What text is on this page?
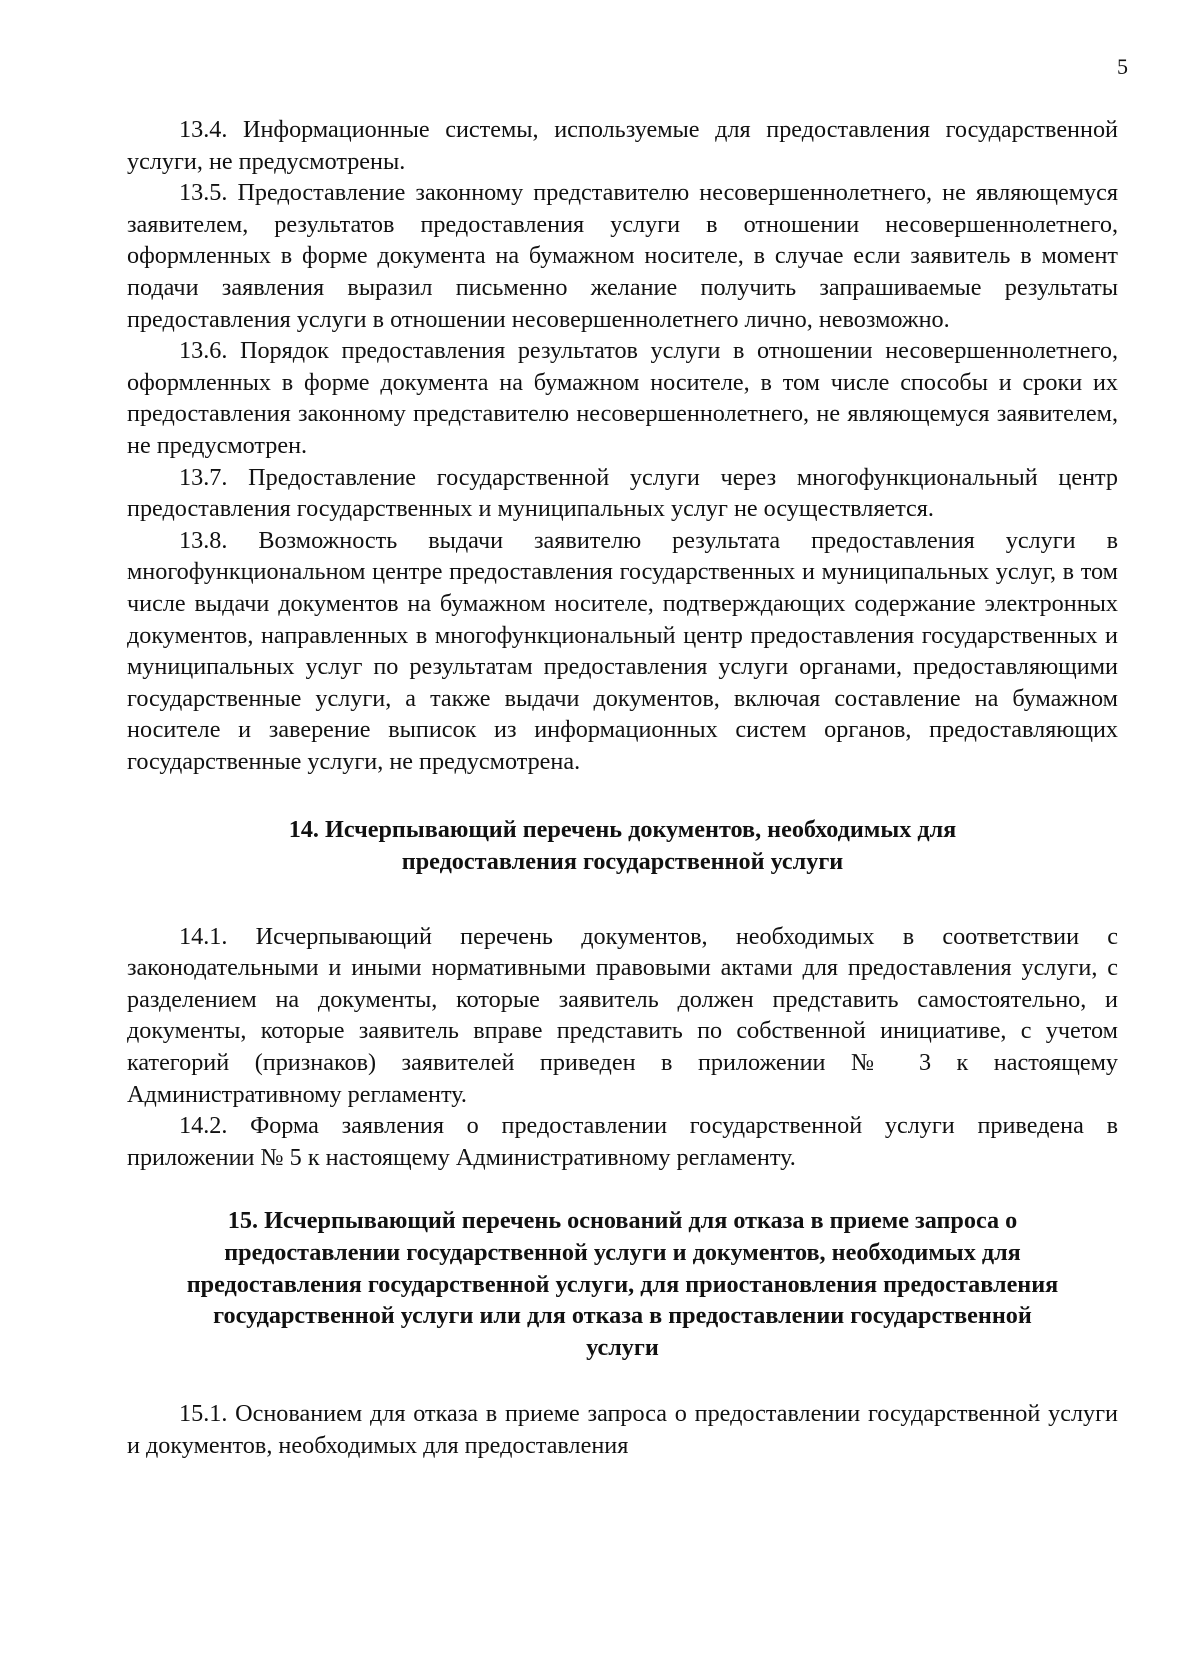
5

13.4. Информационные системы, используемые для предоставления государственной услуги, не предусмотрены.

13.5. Предоставление законному представителю несовершеннолетнего, не являющемуся заявителем, результатов предоставления услуги в отношении несовершеннолетнего, оформленных в форме документа на бумажном носителе, в случае если заявитель в момент подачи заявления выразил письменно желание получить запрашиваемые результаты предоставления услуги в отношении несовершеннолетнего лично, невозможно.

13.6. Порядок предоставления результатов услуги в отношении несовершеннолетнего, оформленных в форме документа на бумажном носителе, в том числе способы и сроки их предоставления законному представителю несовершеннолетнего, не являющемуся заявителем, не предусмотрен.

13.7. Предоставление государственной услуги через многофункциональный центр предоставления государственных и муниципальных услуг не осуществляется.

13.8. Возможность выдачи заявителю результата предоставления услуги в многофункциональном центре предоставления государственных и муниципальных услуг, в том числе выдачи документов на бумажном носителе, подтверждающих содержание электронных документов, направленных в многофункциональный центр предоставления государственных и муниципальных услуг по результатам предоставления услуги органами, предоставляющими государственные услуги, а также выдачи документов, включая составление на бумажном носителе и заверение выписок из информационных систем органов, предоставляющих государственные услуги, не предусмотрена.

14. Исчерпывающий перечень документов, необходимых для предоставления государственной услуги

14.1. Исчерпывающий перечень документов, необходимых в соответствии с законодательными и иными нормативными правовыми актами для предоставления услуги, с разделением на документы, которые заявитель должен представить самостоятельно, и документы, которые заявитель вправе представить по собственной инициативе, с учетом категорий (признаков) заявителей приведен в приложении № 3 к настоящему Административному регламенту.

14.2. Форма заявления о предоставлении государственной услуги приведена в приложении № 5 к настоящему Административному регламенту.

15. Исчерпывающий перечень оснований для отказа в приеме запроса о
предоставлении государственной услуги и документов, необходимых для
предоставления государственной услуги, для приостановления предоставления
государственной услуги или для отказа в предоставлении государственной
услуги

15.1. Основанием для отказа в приеме запроса о предоставлении государственной услуги и документов, необходимых для предоставления
